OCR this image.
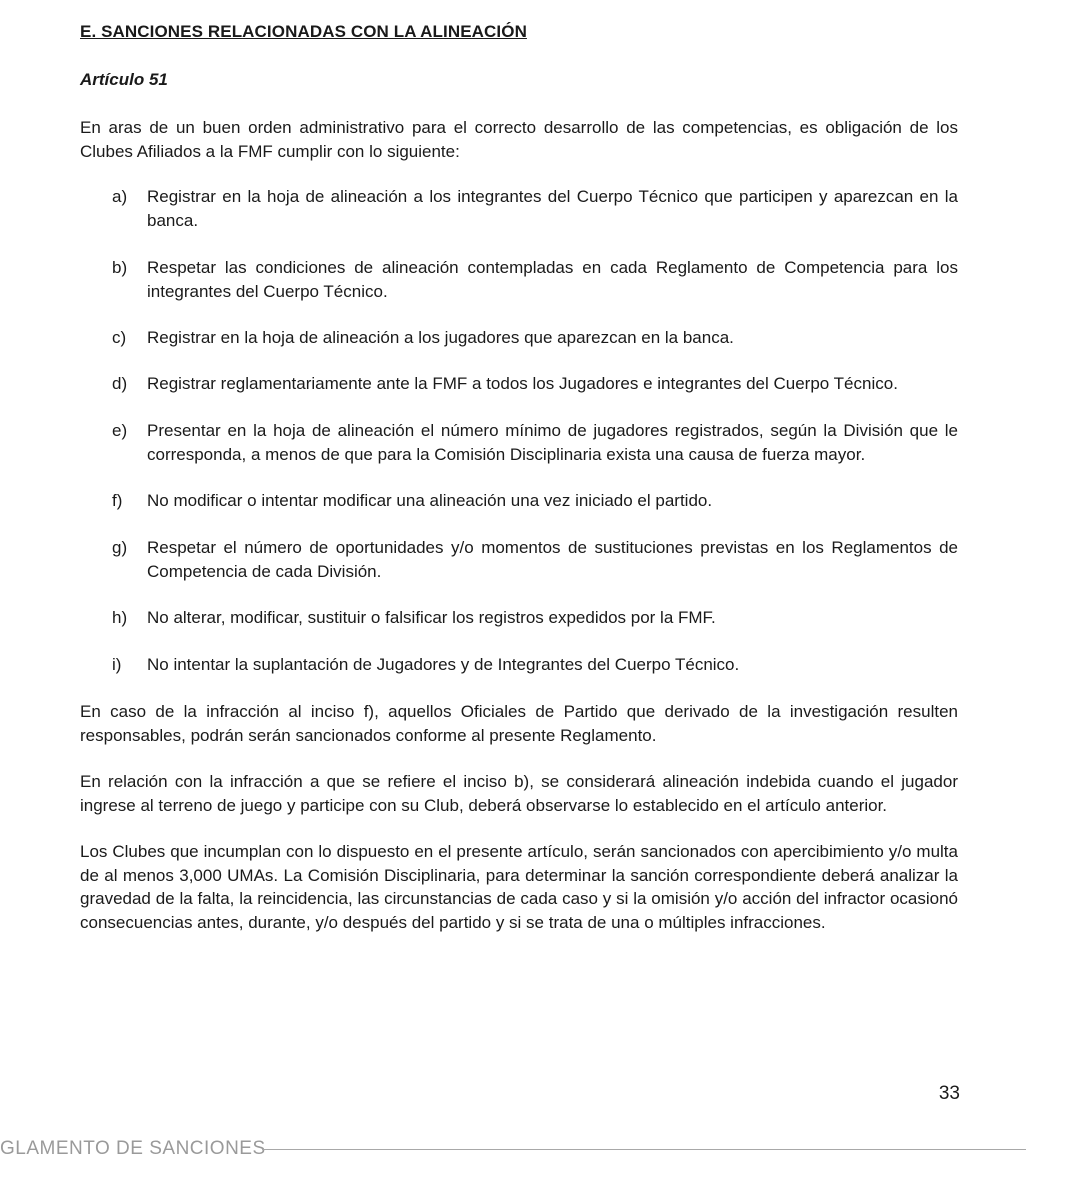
E. SANCIONES RELACIONADAS CON LA ALINEACIÓN
Artículo 51

En aras de un buen orden administrativo para el correcto desarrollo de las competencias, es obligación de los Clubes Afiliados a la FMF cumplir con lo siguiente:

a)	Registrar en la hoja de alineación a los integrantes del Cuerpo Técnico que participen y aparezcan en la banca.
b)	Respetar las condiciones de alineación contempladas en cada Reglamento de Competencia para los integrantes del Cuerpo Técnico.
c)	Registrar en la hoja de alineación a los jugadores que aparezcan en la banca.
d)	Registrar reglamentariamente ante la FMF a todos los Jugadores e integrantes del Cuerpo Técnico.
e)	Presentar en la hoja de alineación el número mínimo de jugadores registrados, según la División que le corresponda, a menos de que para la Comisión Disciplinaria exista una causa de fuerza mayor.
f)	No modificar o intentar modificar una alineación una vez iniciado el partido.
g)	Respetar el número de oportunidades y/o momentos de sustituciones previstas en los Reglamentos de Competencia de cada División.
h)	No alterar, modificar, sustituir o falsificar los registros expedidos por la FMF.
i)	No intentar la suplantación de Jugadores y de Integrantes del Cuerpo Técnico.

En caso de la infracción al inciso f), aquellos Oficiales de Partido que derivado de la investigación resulten responsables, podrán serán sancionados conforme al presente Reglamento.

En relación con la infracción a que se refiere el inciso b), se considerará alineación indebida cuando el jugador ingrese al terreno de juego y participe con su Club, deberá observarse lo establecido en el artículo anterior.

Los Clubes que incumplan con lo dispuesto en el presente artículo, serán sancionados con apercibimiento y/o multa de al menos 3,000 UMAs. La Comisión Disciplinaria, para determinar la sanción correspondiente deberá analizar la gravedad de la falta, la reincidencia, las circunstancias de cada caso y si la omisión y/o acción del infractor ocasionó consecuencias antes, durante, y/o después del partido y si se trata de una o múltiples infracciones.

33
GLAMENTO DE SANCIONES
